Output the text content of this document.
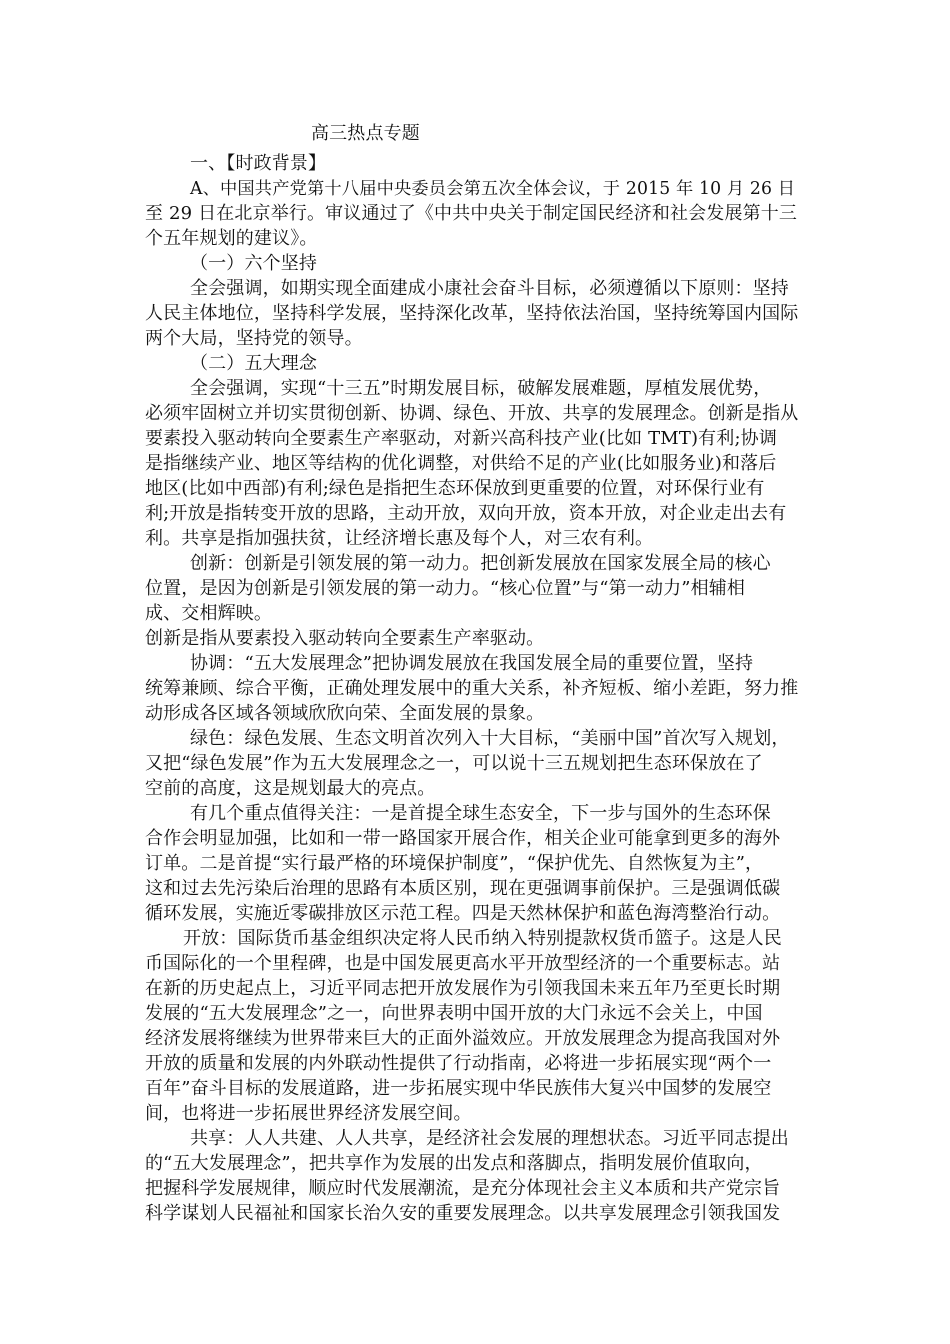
高三热点专题
一、【时政背景】
A、中国共产党第十八届中央委员会第五次全体会议，于 2015 年 10 月 26 日
至 29 日在北京举行。审议通过了《中共中央关于制定国民经济和社会发展第十三
个五年规划的建议》。
（一）六个坚持
全会强调，如期实现全面建成小康社会奋斗目标，必须遵循以下原则：坚持
人民主体地位，坚持科学发展，坚持深化改革，坚持依法治国，坚持统筹国内国际
两个大局，坚持党的领导。
（二）五大理念
全会强调，实现“十三五”时期发展目标，破解发展难题，厚植发展优势，
必须牢固树立并切实贯彻创新、协调、绿色、开放、共享的发展理念。创新是指从
要素投入驱动转向全要素生产率驱动，对新兴高科技产业(比如 TMT)有利;协调
是指继续产业、地区等结构的优化调整，对供给不足的产业(比如服务业)和落后
地区(比如中西部)有利;绿色是指把生态环保放到更重要的位置，对环保行业有
利;开放是指转变开放的思路，主动开放，双向开放，资本开放，对企业走出去有
利。共享是指加强扶贫，让经济增长惠及每个人，对三农有利。
创新：创新是引领发展的第一动力。把创新发展放在国家发展全局的核心
位置，是因为创新是引领发展的第一动力。“核心位置”与“第一动力”相辅相
成、交相辉映。
创新是指从要素投入驱动转向全要素生产率驱动。
协调：“五大发展理念”把协调发展放在我国发展全局的重要位置，坚持
统筹兼顾、综合平衡，正确处理发展中的重大关系，补齐短板、缩小差距，努力推
动形成各区域各领域欣欣向荣、全面发展的景象。
绿色：绿色发展、生态文明首次列入十大目标，“美丽中国”首次写入规划，
又把“绿色发展”作为五大发展理念之一，可以说十三五规划把生态环保放在了
空前的高度，这是规划最大的亮点。
有几个重点值得关注：一是首提全球生态安全，下一步与国外的生态环保
合作会明显加强，比如和一带一路国家开展合作，相关企业可能拿到更多的海外
订单。二是首提“实行最严格的环境保护制度”，“保护优先、自然恢复为主”，
这和过去先污染后治理的思路有本质区别，现在更强调事前保护。三是强调低碳
循环发展，实施近零碳排放区示范工程。四是天然林保护和蓝色海湾整治行动。
开放：国际货币基金组织决定将人民币纳入特别提款权货币篮子。这是人民
币国际化的一个里程碑，也是中国发展更高水平开放型经济的一个重要标志。站
在新的历史起点上，习近平同志把开放发展作为引领我国未来五年乃至更长时期
发展的“五大发展理念”之一，向世界表明中国开放的大门永远不会关上，中国
经济发展将继续为世界带来巨大的正面外溢效应。开放发展理念为提高我国对外
开放的质量和发展的内外联动性提供了行动指南，必将进一步拓展实现“两个一
百年”奋斗目标的发展道路，进一步拓展实现中华民族伟大复兴中国梦的发展空
间，也将进一步拓展世界经济发展空间。
共享：人人共建、人人共享，是经济社会发展的理想状态。习近平同志提出
的“五大发展理念”，把共享作为发展的出发点和落脚点，指明发展价值取向，
把握科学发展规律，顺应时代发展潮流，是充分体现社会主义本质和共产党宗旨
科学谋划人民福祉和国家长治久安的重要发展理念。以共享发展理念引领我国发
